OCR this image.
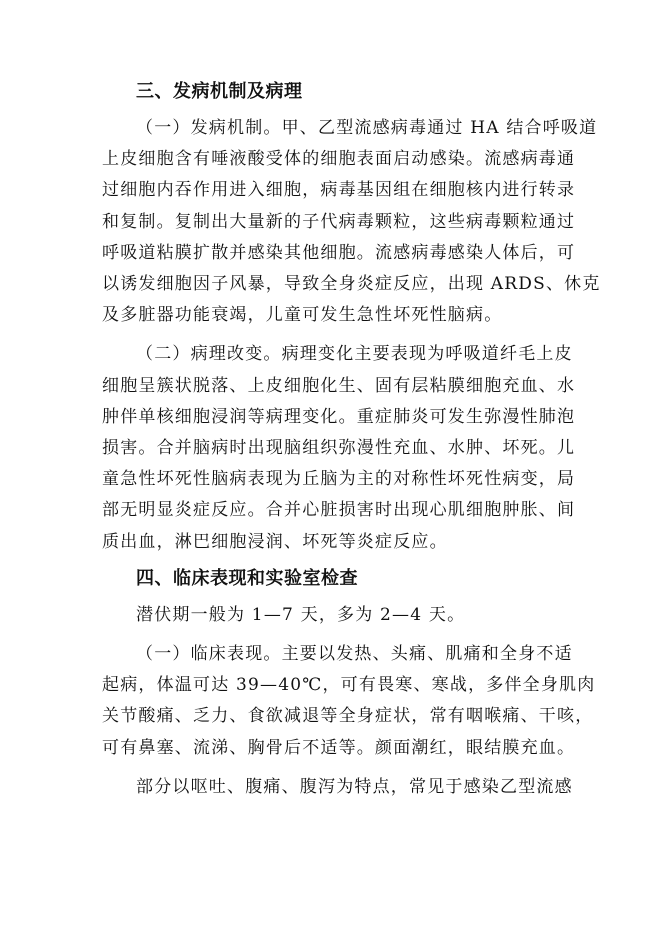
三、发病机制及病理
（一）发病机制。甲、乙型流感病毒通过 HA 结合呼吸道
上皮细胞含有唾液酸受体的细胞表面启动感染。流感病毒通
过细胞内吞作用进入细胞，病毒基因组在细胞核内进行转录
和复制。复制出大量新的子代病毒颗粒，这些病毒颗粒通过
呼吸道粘膜扩散并感染其他细胞。流感病毒感染人体后，可
以诱发细胞因子风暴，导致全身炎症反应，出现 ARDS、休克
及多脏器功能衰竭，儿童可发生急性坏死性脑病。
（二）病理改变。病理变化主要表现为呼吸道纤毛上皮
细胞呈簇状脱落、上皮细胞化生、固有层粘膜细胞充血、水
肿伴单核细胞浸润等病理变化。重症肺炎可发生弥漫性肺泡
损害。合并脑病时出现脑组织弥漫性充血、水肿、坏死。儿
童急性坏死性脑病表现为丘脑为主的对称性坏死性病变，局
部无明显炎症反应。合并心脏损害时出现心肌细胞肿胀、间
质出血，淋巴细胞浸润、坏死等炎症反应。
四、临床表现和实验室检查
潜伏期一般为 1—7 天，多为 2—4 天。
（一）临床表现。主要以发热、头痛、肌痛和全身不适
起病，体温可达 39—40℃，可有畏寒、寒战，多伴全身肌肉
关节酸痛、乏力、食欲减退等全身症状，常有咽喉痛、干咳，
可有鼻塞、流涕、胸骨后不适等。颜面潮红，眼结膜充血。
部分以呕吐、腹痛、腹泻为特点，常见于感染乙型流感
